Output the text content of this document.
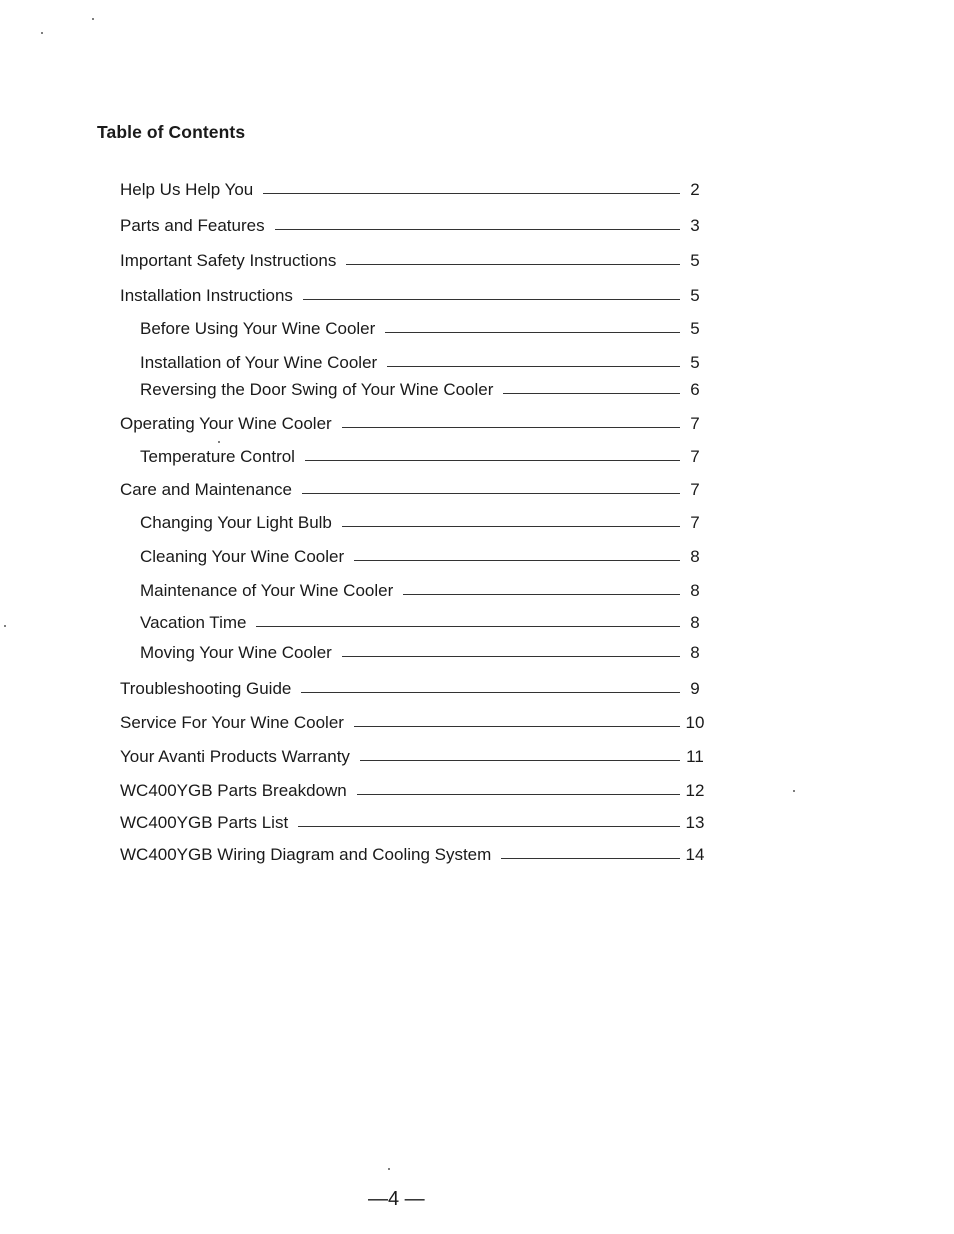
Table of Contents
Help Us Help You	2
Parts and Features	3
Important Safety Instructions	5
Installation Instructions	5
Before Using Your Wine Cooler	5
Installation of Your Wine Cooler	5
Reversing the Door Swing of Your Wine Cooler	6
Operating Your Wine Cooler	7
Temperature Control	7
Care and Maintenance	7
Changing Your Light Bulb	7
Cleaning Your Wine Cooler	8
Maintenance of Your Wine Cooler	8
Vacation Time	8
Moving Your Wine Cooler	8
Troubleshooting Guide	9
Service For Your Wine Cooler	10
Your Avanti Products Warranty	11
WC400YGB Parts Breakdown	12
WC400YGB Parts List	13
WC400YGB Wiring Diagram and Cooling System	14
—4 —
